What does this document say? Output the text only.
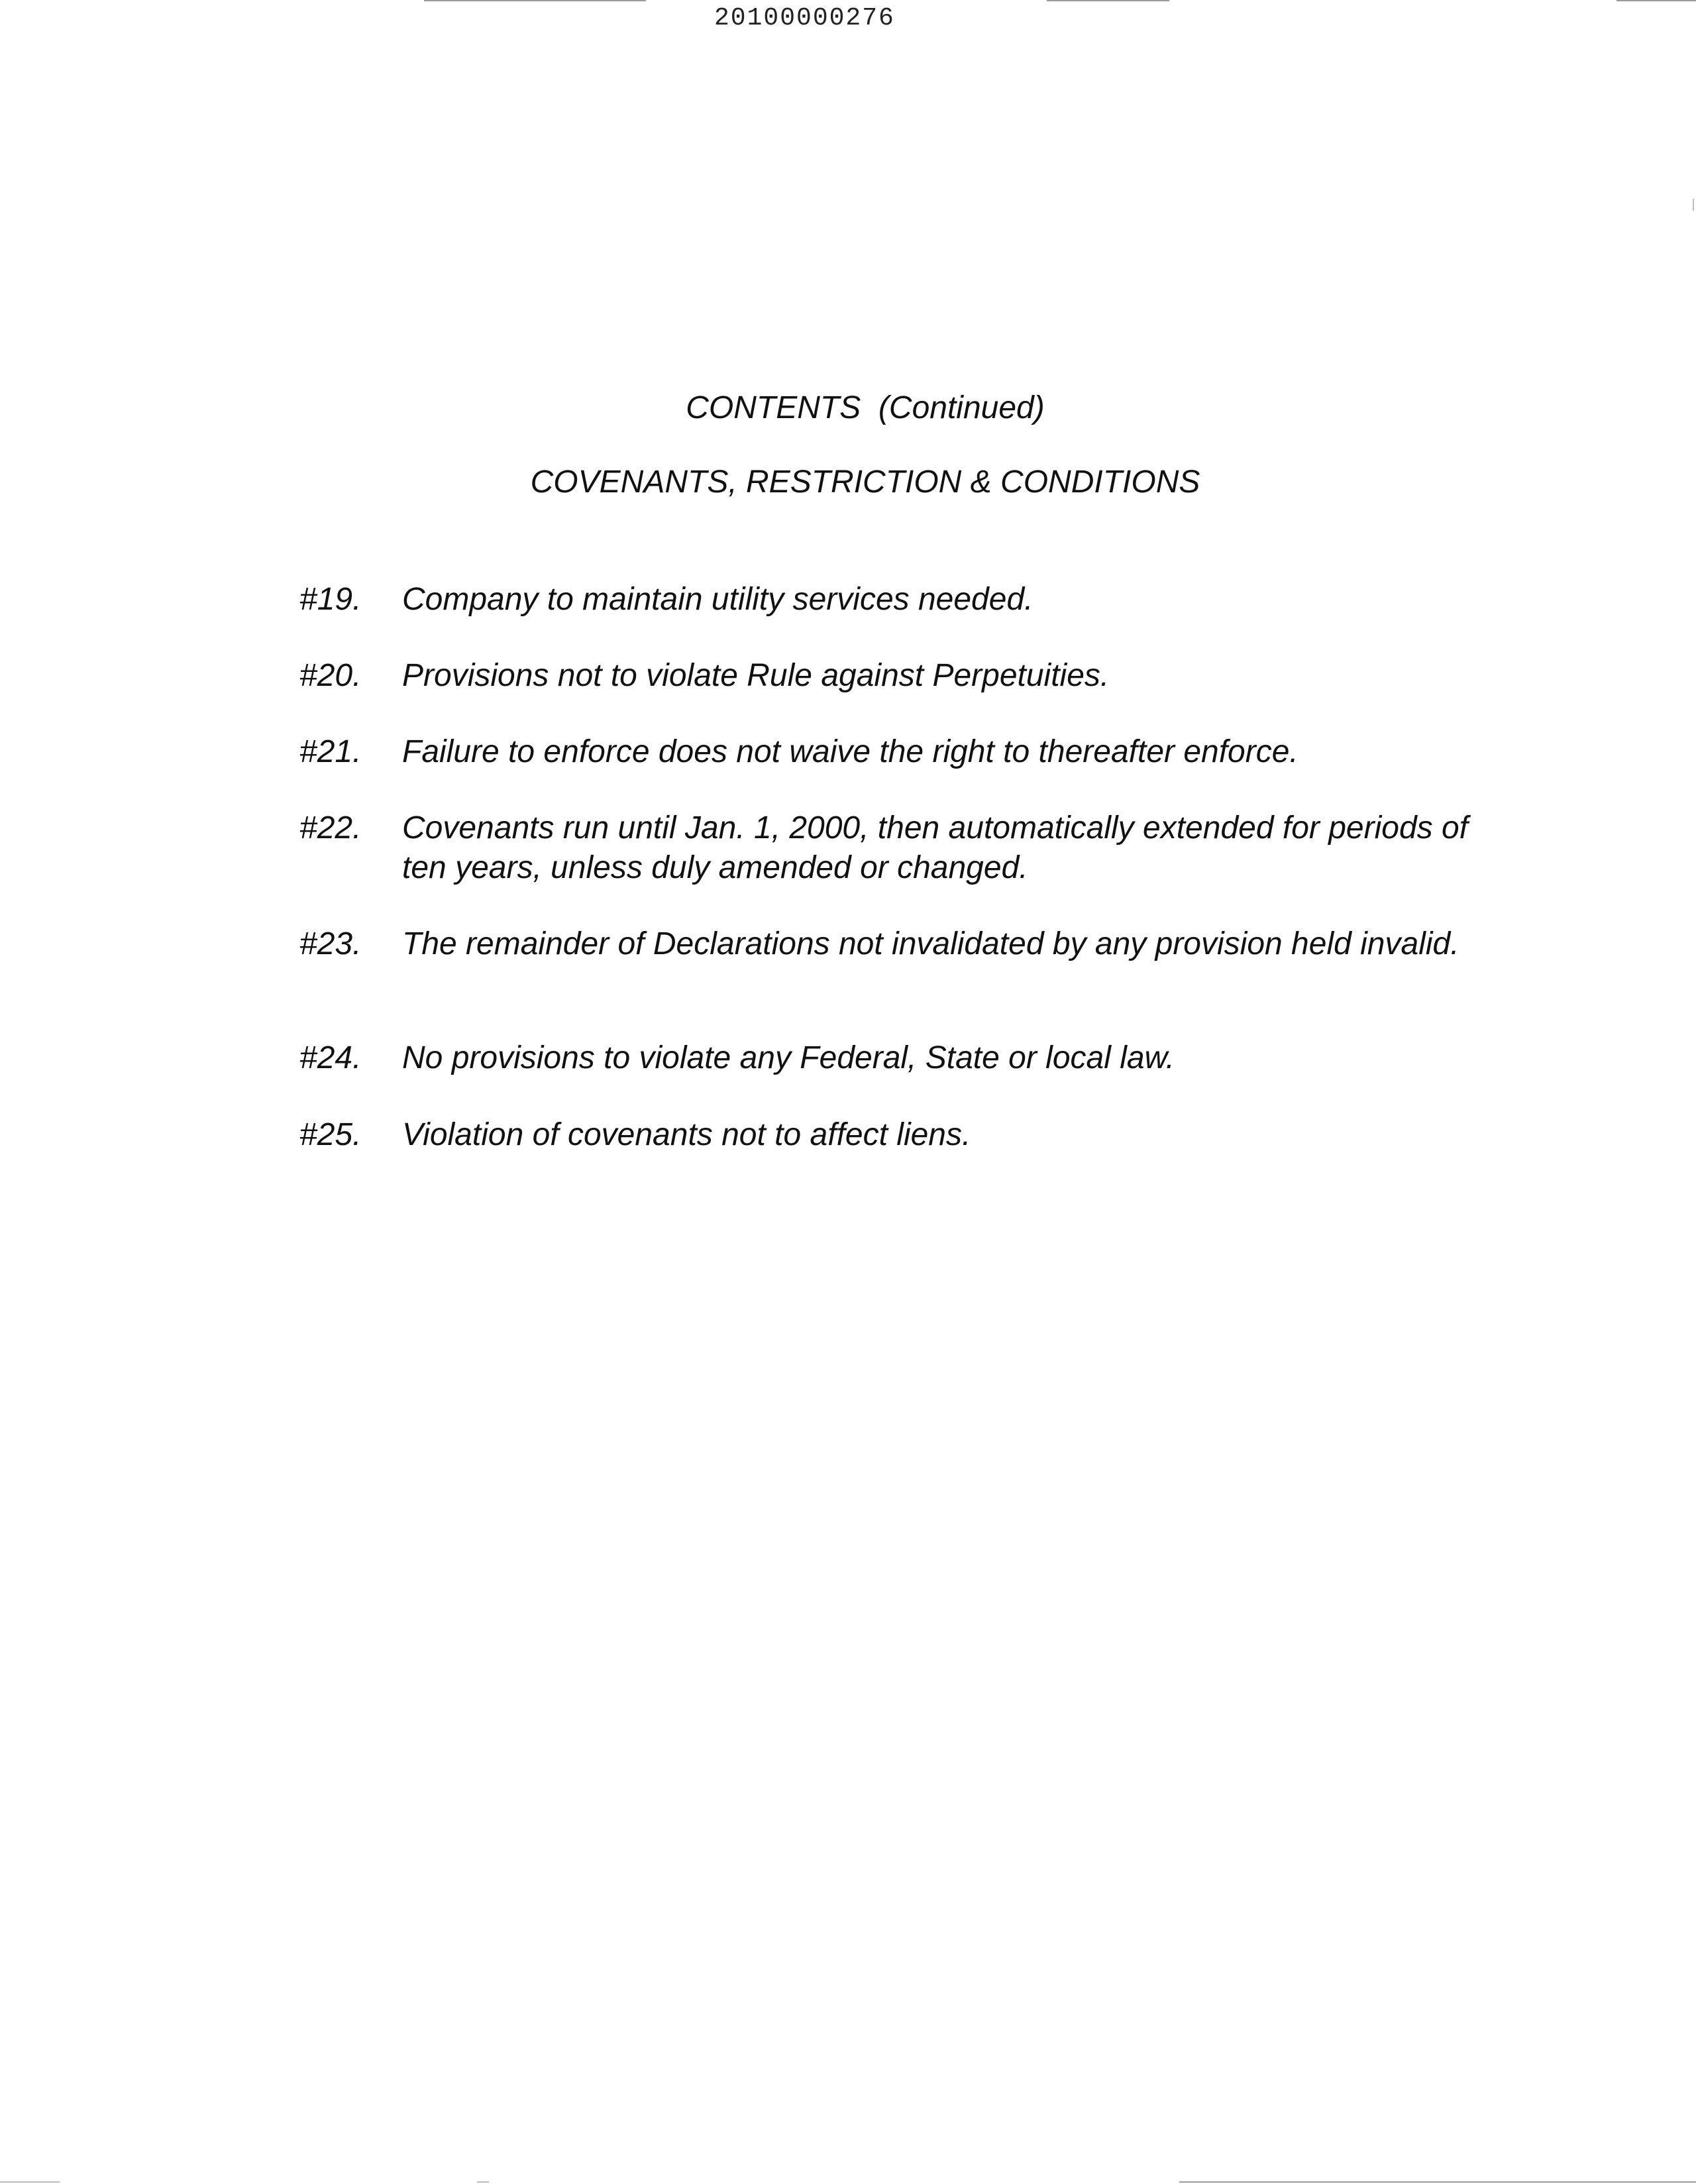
20100000276
CONTENTS  (Continued)
COVENANTS, RESTRICTION & CONDITIONS
#19.	Company to maintain utility services needed.
#20.	Provisions not to violate Rule against Perpetuities.
#21.	Failure to enforce does not waive the right to thereafter enforce.
#22.	Covenants run until Jan. 1, 2000, then automatically extended for periods of ten years, unless duly amended or changed.
#23.	The remainder of Declarations not invalidated by any provision held invalid.
#24.	No provisions to violate any Federal, State or local law.
#25.	Violation of covenants not to affect liens.
